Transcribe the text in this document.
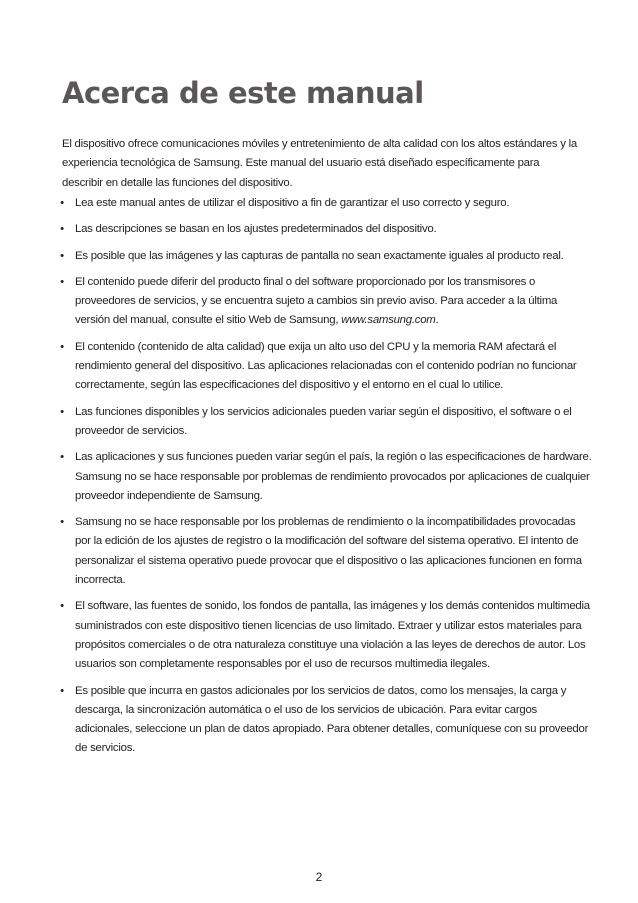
Acerca de este manual

El dispositivo ofrece comunicaciones móviles y entretenimiento de alta calidad con los altos estándares y la experiencia tecnológica de Samsung. Este manual del usuario está diseñado específicamente para describir en detalle las funciones del dispositivo.

• Lea este manual antes de utilizar el dispositivo a fin de garantizar el uso correcto y seguro.
• Las descripciones se basan en los ajustes predeterminados del dispositivo.
• Es posible que las imágenes y las capturas de pantalla no sean exactamente iguales al producto real.
• El contenido puede diferir del producto final o del software proporcionado por los transmisores o proveedores de servicios, y se encuentra sujeto a cambios sin previo aviso. Para acceder a la última versión del manual, consulte el sitio Web de Samsung, www.samsung.com.
• El contenido (contenido de alta calidad) que exija un alto uso del CPU y la memoria RAM afectará el rendimiento general del dispositivo. Las aplicaciones relacionadas con el contenido podrían no funcionar correctamente, según las especificaciones del dispositivo y el entorno en el cual lo utilice.
• Las funciones disponibles y los servicios adicionales pueden variar según el dispositivo, el software o el proveedor de servicios.
• Las aplicaciones y sus funciones pueden variar según el país, la región o las especificaciones de hardware. Samsung no se hace responsable por problemas de rendimiento provocados por aplicaciones de cualquier proveedor independiente de Samsung.
• Samsung no se hace responsable por los problemas de rendimiento o la incompatibilidades provocadas por la edición de los ajustes de registro o la modificación del software del sistema operativo. El intento de personalizar el sistema operativo puede provocar que el dispositivo o las aplicaciones funcionen en forma incorrecta.
• El software, las fuentes de sonido, los fondos de pantalla, las imágenes y los demás contenidos multimedia suministrados con este dispositivo tienen licencias de uso limitado. Extraer y utilizar estos materiales para propósitos comerciales o de otra naturaleza constituye una violación a las leyes de derechos de autor. Los usuarios son completamente responsables por el uso de recursos multimedia ilegales.
• Es posible que incurra en gastos adicionales por los servicios de datos, como los mensajes, la carga y descarga, la sincronización automática o el uso de los servicios de ubicación. Para evitar cargos adicionales, seleccione un plan de datos apropiado. Para obtener detalles, comuníquese con su proveedor de servicios.
2
